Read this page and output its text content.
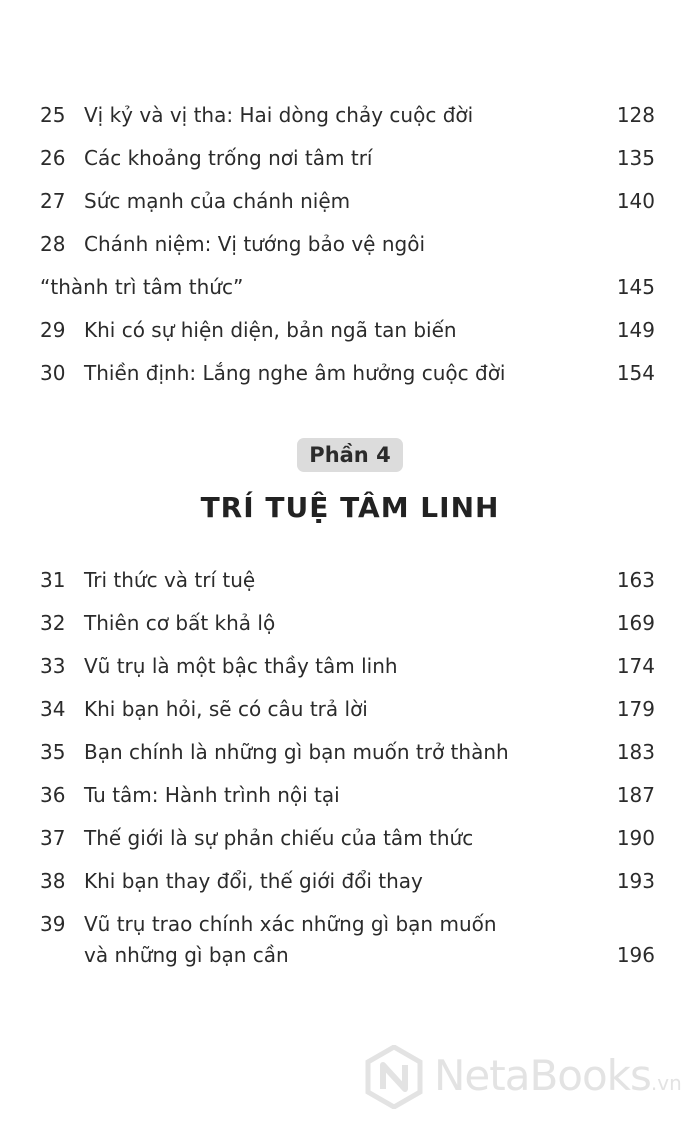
25 Vị kỷ và vị tha: Hai dòng chảy cuộc đời	128
26 Các khoảng trống nơi tâm trí	135
27 Sức mạnh của chánh niệm	140
28 Chánh niệm: Vị tướng bảo vệ ngôi
“thành trì tâm thức”	145
29 Khi có sự hiện diện, bản ngã tan biến	149
30 Thiền định: Lắng nghe âm hưởng cuộc đời	154
Phần 4
TRÍ TUỆ TÂM LINH
31 Tri thức và trí tuệ	163
32 Thiên cơ bất khả lộ	169
33 Vũ trụ là một bậc thầy tâm linh	174
34 Khi bạn hỏi, sẽ có câu trả lời	179
35 Bạn chính là những gì bạn muốn trở thành	183
36 Tu tâm: Hành trình nội tại	187
37 Thế giới là sự phản chiếu của tâm thức	190
38 Khi bạn thay đổi, thế giới đổi thay	193
39 Vũ trụ trao chính xác những gì bạn muốn
và những gì bạn cần	196
NetaBooks.vn
